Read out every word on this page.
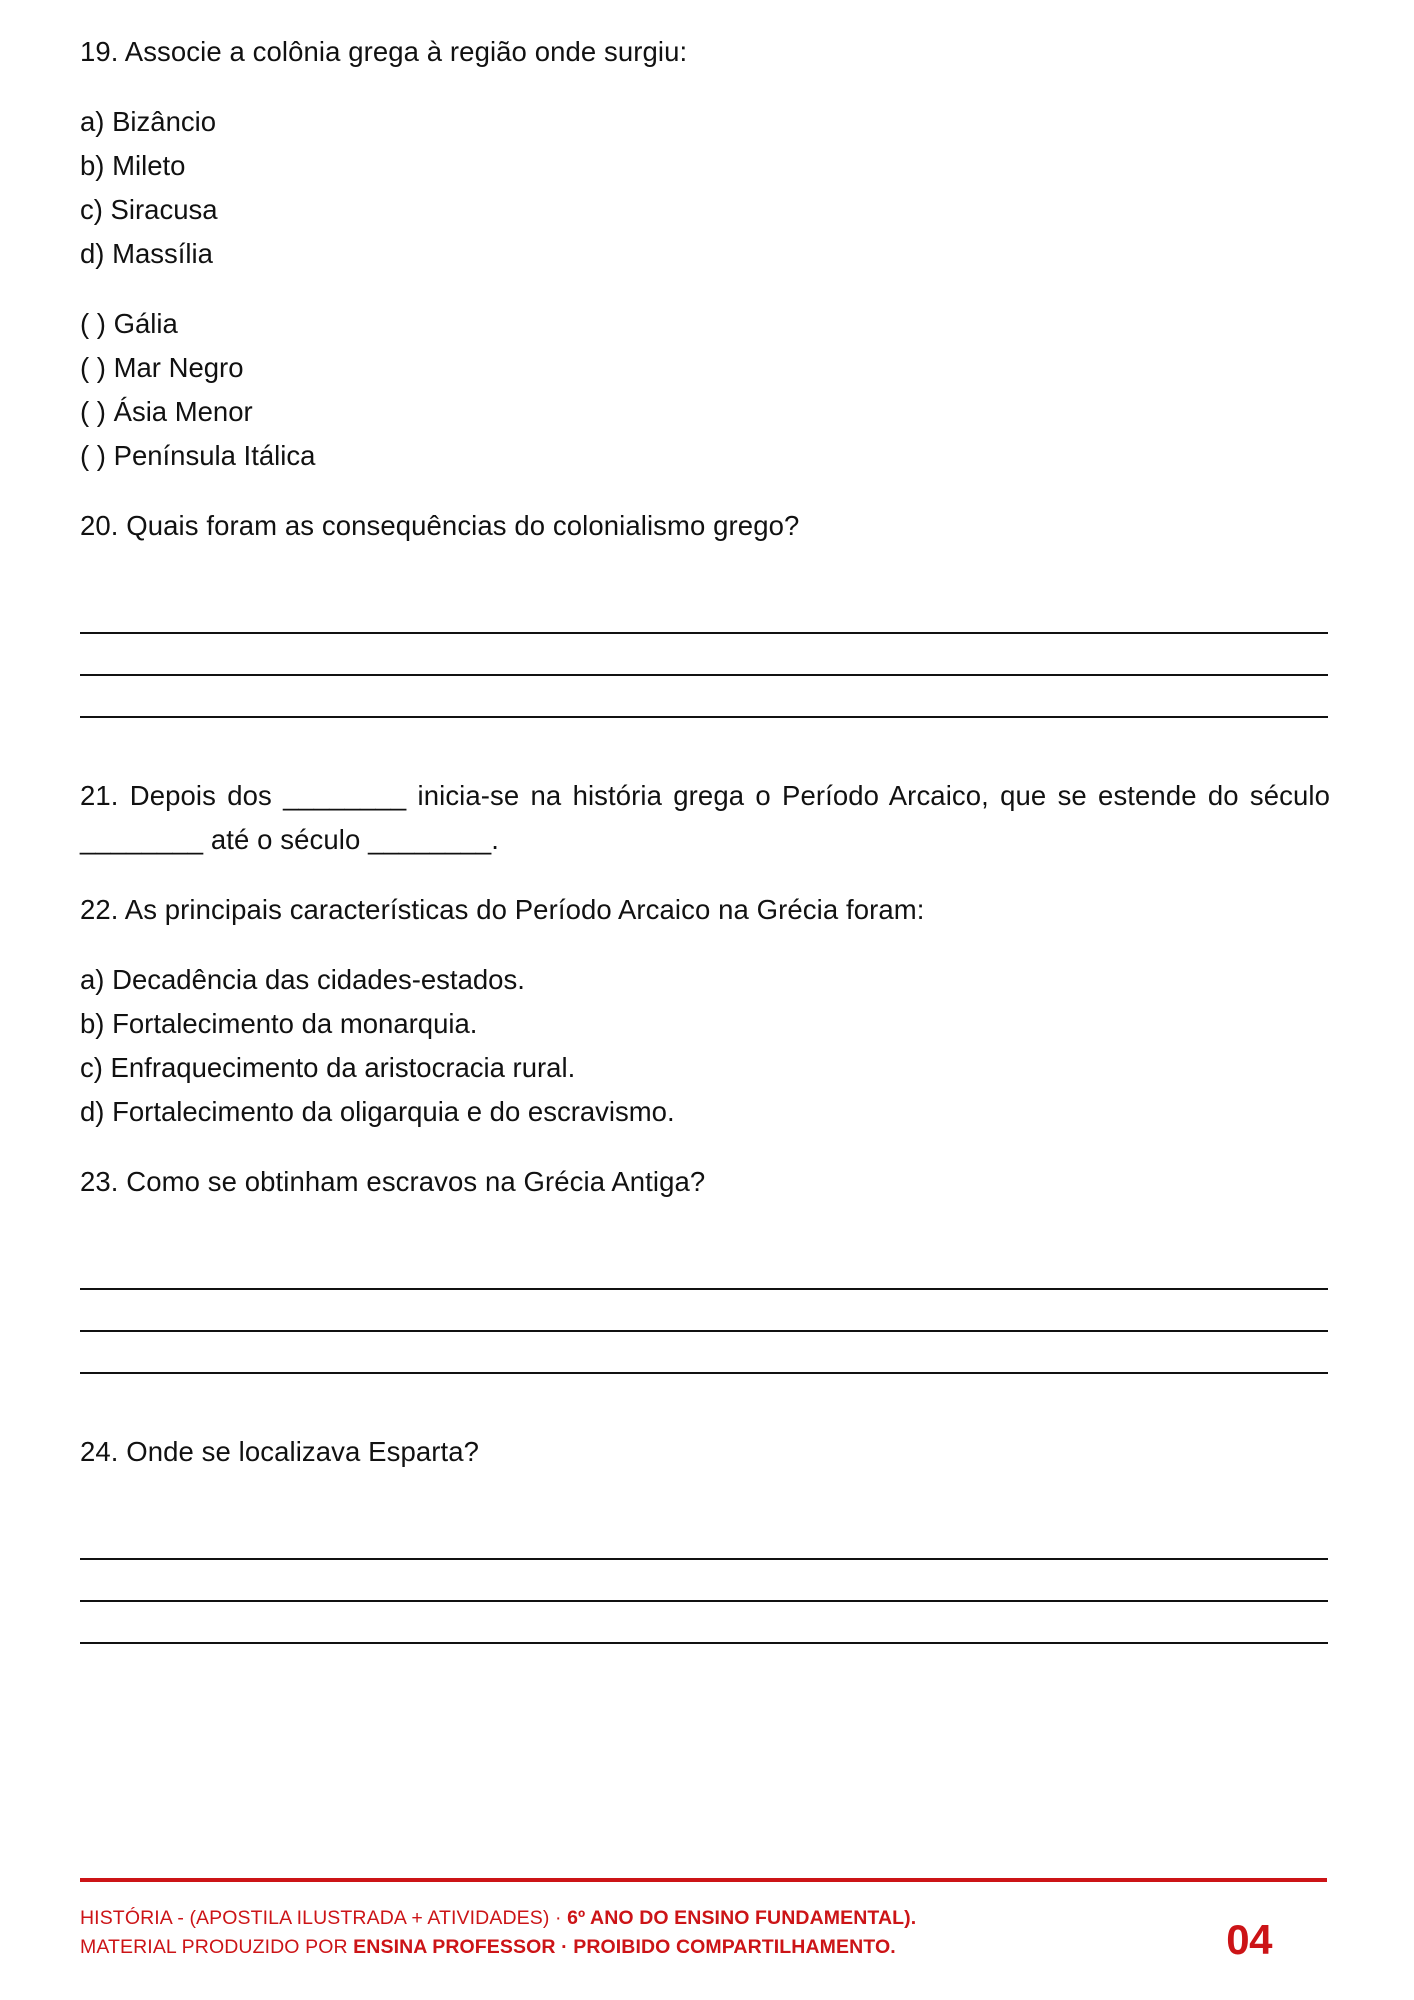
19. Associe a colônia grega à região onde surgiu:
a) Bizâncio
b) Mileto
c) Siracusa
d) Massília
( ) Gália
( ) Mar Negro
( ) Ásia Menor
( ) Península Itálica
20. Quais foram as consequências do colonialismo grego?
21. Depois dos ________ inicia-se na história grega o Período Arcaico, que se estende do século ________ até o século ________.
22. As principais características do Período Arcaico na Grécia foram:
a) Decadência das cidades-estados.
b) Fortalecimento da monarquia.
c) Enfraquecimento da aristocracia rural.
d) Fortalecimento da oligarquia e do escravismo.
23. Como se obtinham escravos na Grécia Antiga?
24. Onde se localizava Esparta?
HISTÓRIA - (APOSTILA ILUSTRADA + ATIVIDADES) · 6º ANO DO ENSINO FUNDAMENTAL).
MATERIAL PRODUZIDO POR ENSINA PROFESSOR · PROIBIDO COMPARTILHAMENTO.	04
